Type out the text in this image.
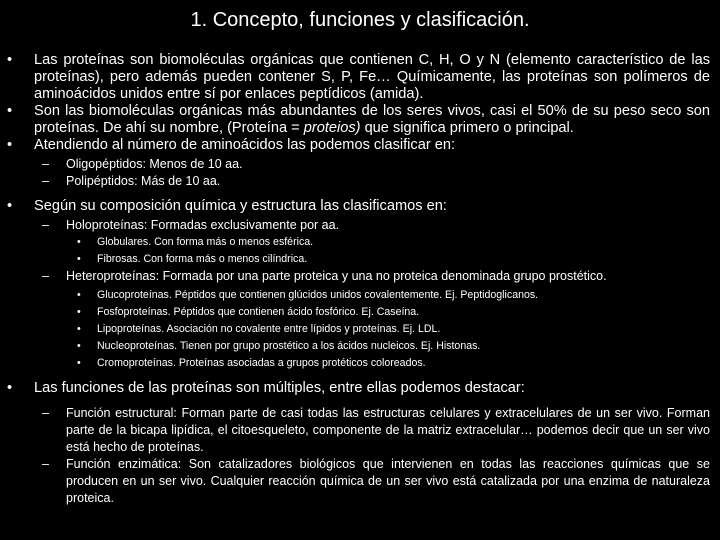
1. Concepto, funciones y clasificación.
• Las proteínas son biomoléculas orgánicas que contienen C, H, O y N (elemento característico de las proteínas), pero además pueden contener S, P, Fe… Químicamente, las proteínas son polímeros de aminoácidos unidos entre sí por enlaces peptídicos (amida).
• Son las biomoléculas orgánicas más abundantes de los seres vivos, casi el 50% de su peso seco son proteínas. De ahí su nombre, (Proteína = proteios) que significa primero o principal.
• Atendiendo al número de aminoácidos las podemos clasificar en:
– Oligopéptidos: Menos de 10 aa.
– Polipéptidos: Más de 10 aa.
• Según su composición química y estructura las clasificamos en:
– Holoproteínas: Formadas exclusivamente por aa.
• Globulares. Con forma más o menos esférica.
• Fibrosas. Con forma más o menos cilíndrica.
– Heteroproteínas: Formada por una parte proteica y una no proteica denominada grupo prostético.
• Glucoproteínas. Péptidos que contienen glúcidos unidos covalentemente. Ej. Peptidoglicanos.
• Fosfoproteínas. Péptidos que contienen ácido fosfórico. Ej. Caseína.
• Lipoproteínas. Asociación no covalente entre lípidos y proteínas. Ej. LDL.
• Nucleoproteínas. Tienen por grupo prostético a los ácidos nucleicos. Ej. Histonas.
• Cromoproteínas. Proteínas asociadas a grupos protéticos coloreados.
• Las funciones de las proteínas son múltiples, entre ellas podemos destacar:
– Función estructural: Forman parte de casi todas las estructuras celulares y extracelulares de un ser vivo. Forman parte de la bicapa lipídica, el citoesqueleto, componente de la matriz extracelular… podemos decir que un ser vivo está hecho de proteínas.
– Función enzimática: Son catalizadores biológicos que intervienen en todas las reacciones químicas que se producen en un ser vivo. Cualquier reacción química de un ser vivo está catalizada por una enzima de naturaleza proteica.
